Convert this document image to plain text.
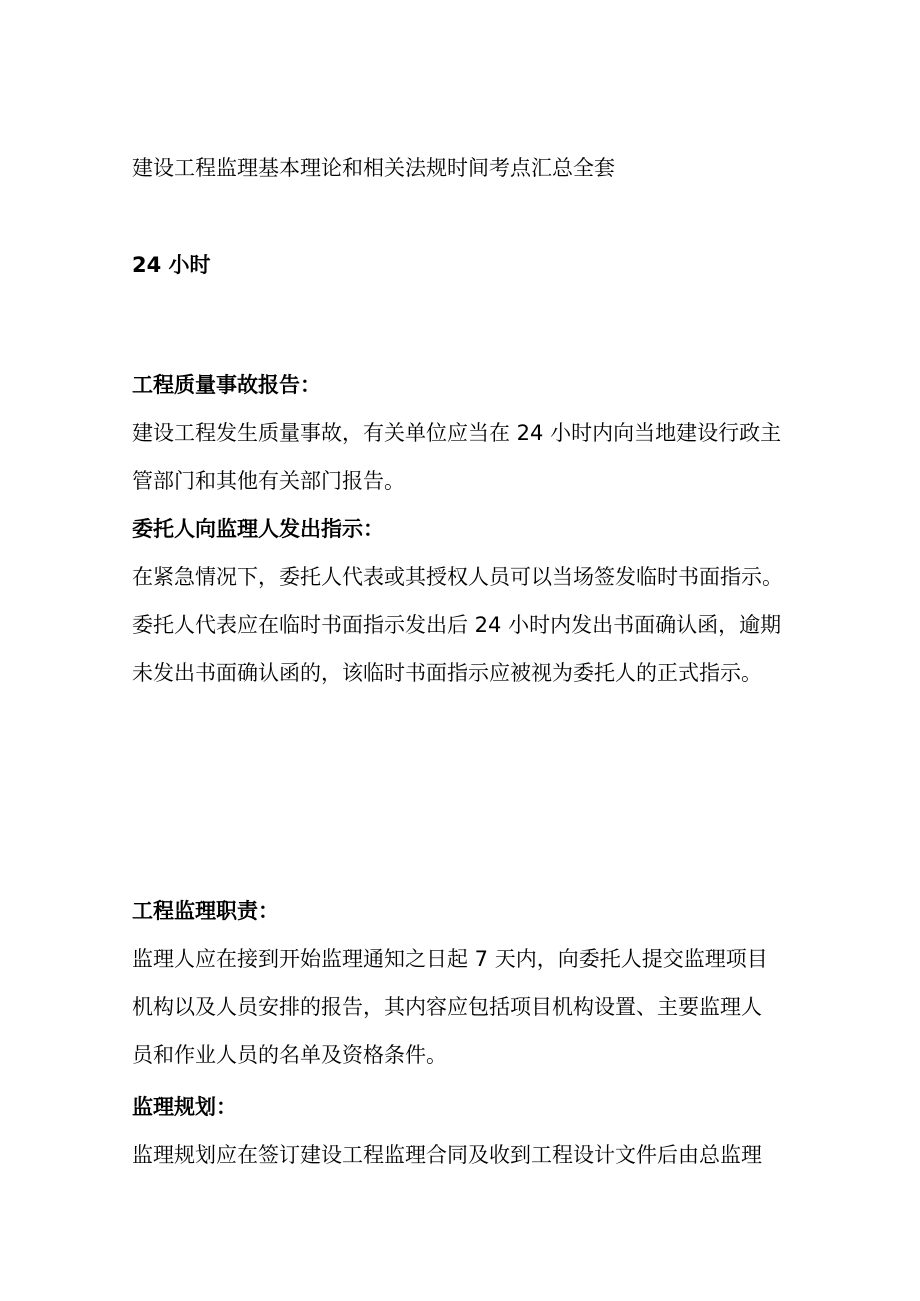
建设工程监理基本理论和相关法规时间考点汇总全套

24 小时

工程质量事故报告：

建设工程发生质量事故，有关单位应当在 24 小时内向当地建设行政主

管部门和其他有关部门报告。

委托人向监理人发出指示：

在紧急情况下，委托人代表或其授权人员可以当场签发临时书面指示。

委托人代表应在临时书面指示发出后 24 小时内发出书面确认函，逾期

未发出书面确认函的，该临时书面指示应被视为委托人的正式指示。

工程监理职责：

监理人应在接到开始监理通知之日起 7 天内，向委托人提交监理项目

机构以及人员安排的报告，其内容应包括项目机构设置、主要监理人

员和作业人员的名单及资格条件。

监理规划：

监理规划应在签订建设工程监理合同及收到工程设计文件后由总监理
